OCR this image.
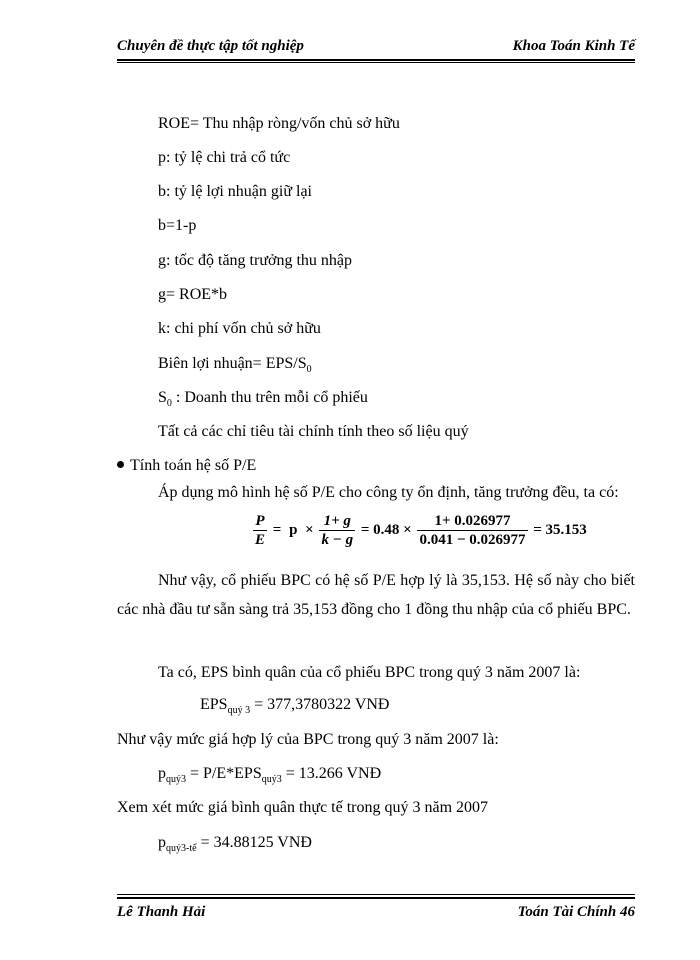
Chuyên đề thực tập tốt nghiệp	Khoa Toán Kinh Tế
ROE= Thu nhập ròng/vốn chủ sở hữu
p: tỷ lệ chi trả cổ tức
b: tỷ lệ lợi nhuận giữ lại
b=1-p
g: tốc độ tăng trưởng thu nhập
g= ROE*b
k: chi phí vốn chủ sở hữu
Biên lợi nhuận= EPS/$S_0$
$S_0$ : Doanh thu trên mỗi cổ phiếu
Tất cả các chỉ tiêu tài chính tính theo số liệu quý
Tính toán hệ số P/E
Áp dụng mô hình hệ số P/E cho công ty ổn định, tăng trưởng đều, ta có:
$\frac{P}{E} = p \times \frac{1+ g}{k - g} = 0.48 \times \frac{1+ 0.026977}{0.041 - 0.026977} = 35.153$
Như vậy, cổ phiếu BPC có hệ số P/E hợp lý là 35,153. Hệ số này cho biết các nhà đầu tư sẵn sàng trả 35,153 đồng cho 1 đồng thu nhập của cổ phiếu BPC.
Ta có, EPS bình quân của cổ phiếu BPC trong quý 3 năm 2007 là:
$EPS_{quý 3} = 377,3780322$ VNĐ
Như vậy mức giá hợp lý của BPC trong quý 3 năm 2007 là:
$p_{quý3} = P/E*EPS_{quý3} = 13.266$ VNĐ
Xem xét mức giá bình quân thực tế trong quý 3 năm 2007
$p_{quý3-tế} = 34.88125$ VNĐ
Lê Thanh Hải	Toán Tài Chính 46
